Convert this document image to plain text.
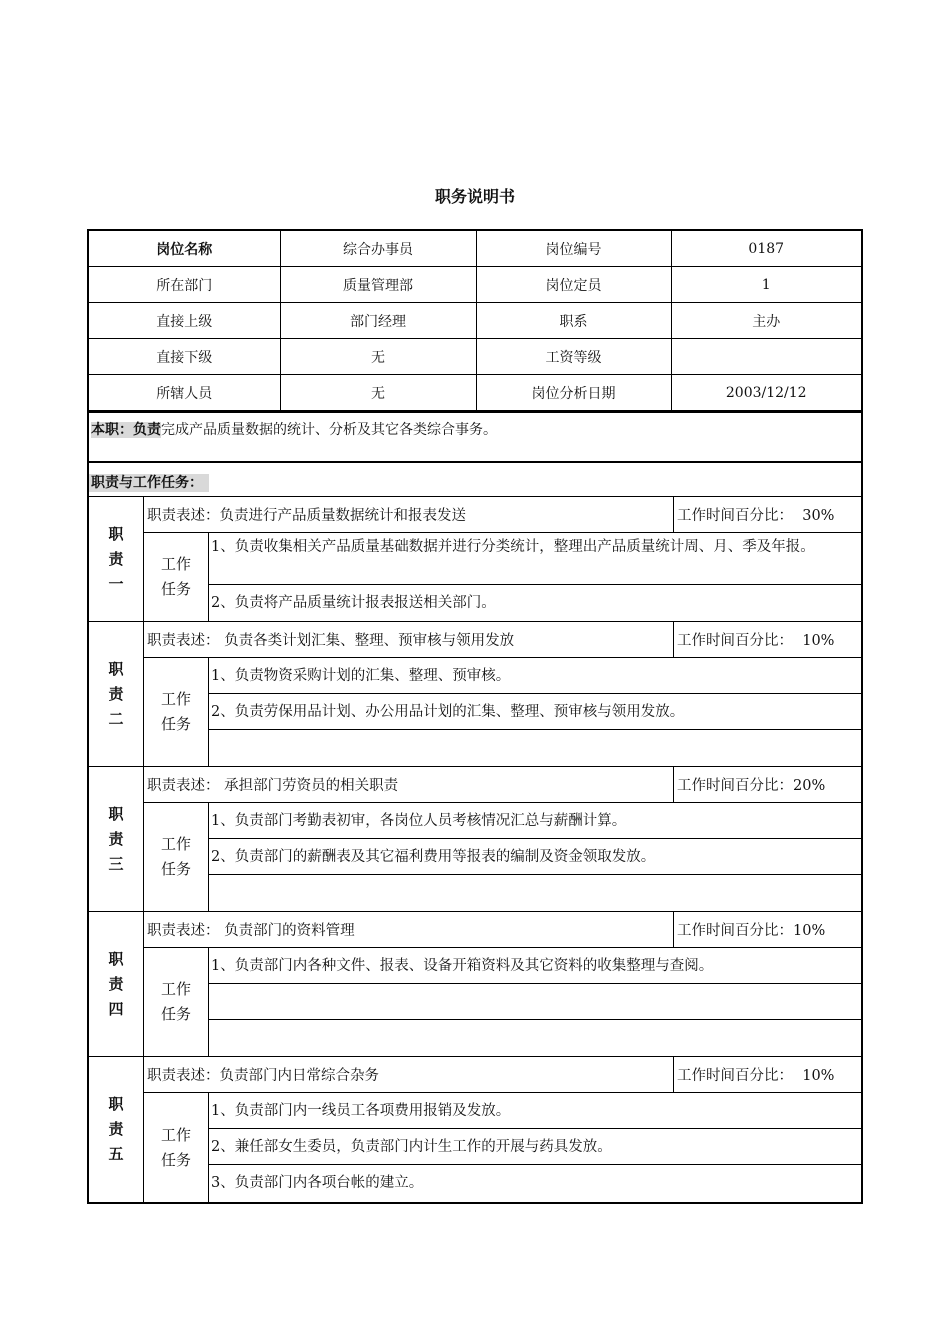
职务说明书
岗位名称	综合办事员	岗位编号	0187
所在部门	质量管理部	岗位定员	1
直接上级	部门经理	职系	主办
直接下级	无	工资等级	
所辖人员	无	岗位分析日期	2003/12/12
本职：负责完成产品质量数据的统计、分析及其它各类综合事务。
职责与工作任务：
职责一
职责表述：负责进行产品质量数据统计和报表发送	工作时间百分比：  30%
工作任务
1、负责收集相关产品质量基础数据并进行分类统计，整理出产品质量统计周、月、季及年报。
2、负责将产品质量统计报表报送相关部门。
职责二
职责表述： 负责各类计划汇集、整理、预审核与领用发放	工作时间百分比：  10%
工作任务
1、负责物资采购计划的汇集、整理、预审核。
2、负责劳保用品计划、办公用品计划的汇集、整理、预审核与领用发放。
职责三
职责表述： 承担部门劳资员的相关职责	工作时间百分比：20%
工作任务
1、负责部门考勤表初审，各岗位人员考核情况汇总与薪酬计算。
2、负责部门的薪酬表及其它福利费用等报表的编制及资金领取发放。
职责四
职责表述： 负责部门的资料管理	工作时间百分比：10%
工作任务
1、负责部门内各种文件、报表、设备开箱资料及其它资料的收集整理与查阅。
职责五
职责表述：负责部门内日常综合杂务	工作时间百分比：  10%
工作任务
1、负责部门内一线员工各项费用报销及发放。
2、兼任部女生委员，负责部门内计生工作的开展与药具发放。
3、负责部门内各项台帐的建立。
